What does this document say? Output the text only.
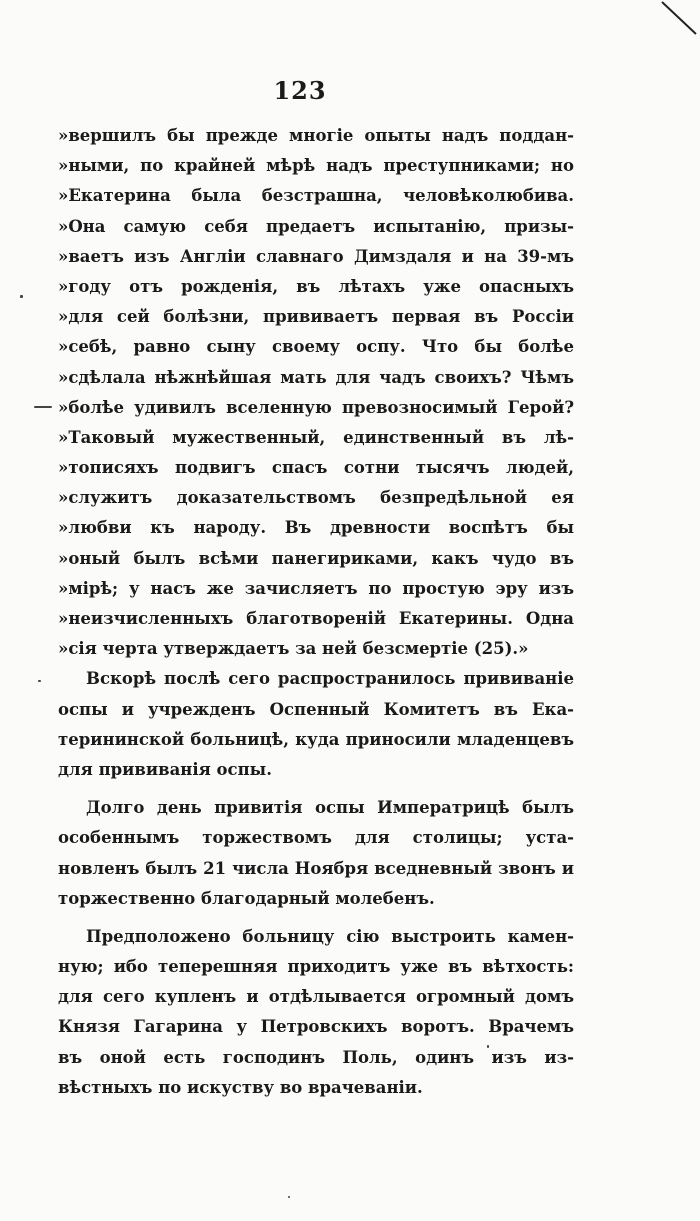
123
»вершилъ бы прежде многіе опыты надъ поддан-
»ными, по крайней мѣрѣ надъ преступниками; но
»Екатерина была безстрашна, человѣколюбива.
»Она самую себя предаетъ испытанію, призы-
»ваетъ изъ Англіи славнаго Димздаля и на 39-мъ
»году отъ рожденія, въ лѣтахъ уже опасныхъ
»для сей болѣзни, прививаетъ первая въ Россіи
»себѣ, равно сыну своему оспу. Что бы болѣе
»сдѣлала нѣжнѣйшая мать для чадъ своихъ? Чѣмъ
»болѣе удивилъ вселенную превозносимый Герой?
»Таковый мужественный, единственный въ лѣ-
»тописяхъ подвигъ спасъ сотни тысячъ людей,
»служитъ доказательствомъ безпредѣльной ея
»любви къ народу. Въ древности воспѣтъ бы
»оный былъ всѣми панегириками, какъ чудо въ
»мірѣ; у насъ же зачисляетъ по простую эру изъ
»неизчисленныхъ благотвореній Екатерины. Одна
»сія черта утверждаетъ за ней безсмертіе (25).»
Вскорѣ послѣ сего распространилось прививаніе
оспы и учрежденъ Оспенный Комитетъ въ Ека-
терининской больницѣ, куда приносили младенцевъ
для прививанія оспы.
Долго день привитія оспы Императрицѣ былъ
особеннымъ торжествомъ для столицы; уста-
новленъ былъ 21 числа Ноября вседневный звонъ и
торжественно благодарный молебенъ.
Предположено больницу сію выстроить камен-
ную; ибо теперешняя приходитъ уже въ вѣтхость:
для сего купленъ и отдѣлывается огромный домъ
Князя Гагарина у Петровскихъ воротъ. Врачемъ
въ оной есть господинъ Поль, одинъ изъ из-
вѣстныхъ по искуству во врачеваніи.
